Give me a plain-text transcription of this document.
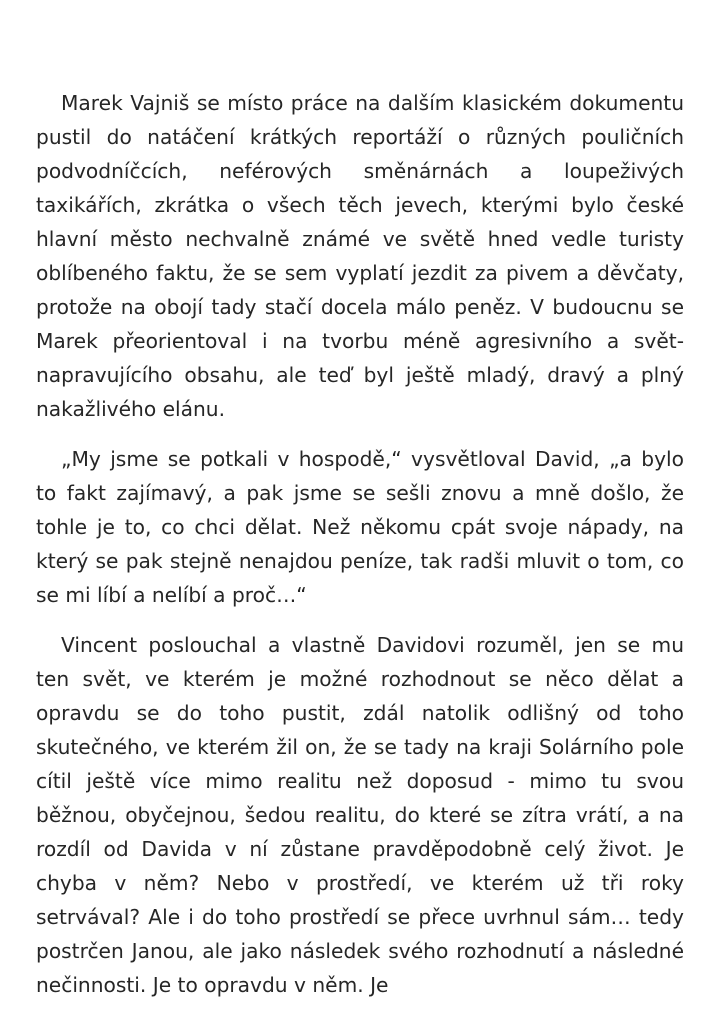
Marek Vajniš se místo práce na dalším klasickém dokumentu pustil do natáčení krátkých reportáží o různých pouličních podvodníčcích, neférových směnárnách a loupeživých taxikářích, zkrátka o všech těch jevech, kterými bylo české hlavní město nechvalně známé ve světě hned vedle turisty oblíbeného faktu, že se sem vyplatí jezdit za pivem a děvčaty, protože na obojí tady stačí docela málo peněz. V budoucnu se Marek přeorientoval i na tvorbu méně agresivního a svět-napravujícího obsahu, ale teď byl ještě mladý, dravý a plný nakažlivého elánu.

„My jsme se potkali v hospodě,“ vysvětloval David, „a bylo to fakt zajímavý, a pak jsme se sešli znovu a mně došlo, že tohle je to, co chci dělat. Než někomu cpát svoje nápady, na který se pak stejně nenajdou peníze, tak radši mluvit o tom, co se mi líbí a nelíbí a proč…“

Vincent poslouchal a vlastně Davidovi rozuměl, jen se mu ten svět, ve kterém je možné rozhodnout se něco dělat a opravdu se do toho pustit, zdál natolik odlišný od toho skutečného, ve kterém žil on, že se tady na kraji Solárního pole cítil ještě více mimo realitu než doposud - mimo tu svou běžnou, obyčejnou, šedou realitu, do které se zítra vrátí, a na rozdíl od Davida v ní zůstane pravděpodobně celý život. Je chyba v něm? Nebo v prostředí, ve kterém už tři roky setrvával? Ale i do toho prostředí se přece uvrhnul sám… tedy postrčen Janou, ale jako následek svého rozhodnutí a následné nečinnosti. Je to opravdu v něm. Je
